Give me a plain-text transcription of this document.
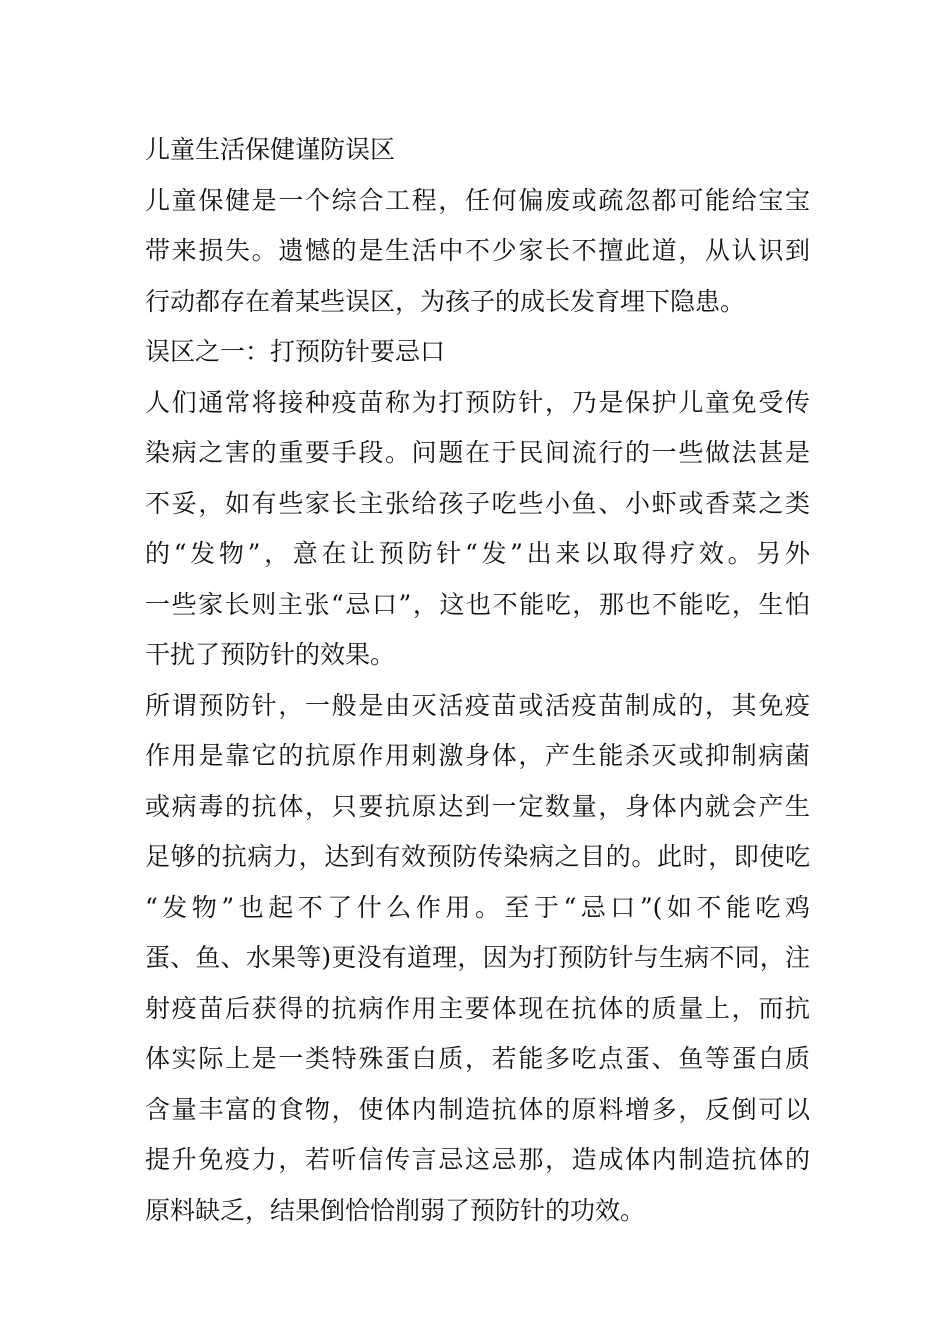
儿童生活保健谨防误区
儿童保健是一个综合工程，任何偏废或疏忽都可能给宝宝
带来损失。遗憾的是生活中不少家长不擅此道，从认识到
行动都存在着某些误区，为孩子的成长发育埋下隐患。
误区之一：打预防针要忌口
人们通常将接种疫苗称为打预防针，乃是保护儿童免受传
染病之害的重要手段。问题在于民间流行的一些做法甚是
不妥，如有些家长主张给孩子吃些小鱼、小虾或香菜之类
的“发物”，意在让预防针“发”出来以取得疗效。另外
一些家长则主张“忌口”，这也不能吃，那也不能吃，生怕
干扰了预防针的效果。
所谓预防针，一般是由灭活疫苗或活疫苗制成的，其免疫
作用是靠它的抗原作用刺激身体，产生能杀灭或抑制病菌
或病毒的抗体，只要抗原达到一定数量，身体内就会产生
足够的抗病力，达到有效预防传染病之目的。此时，即使吃
“发物”也起不了什么作用。至于“忌口”(如不能吃鸡
蛋、鱼、水果等)更没有道理，因为打预防针与生病不同，注
射疫苗后获得的抗病作用主要体现在抗体的质量上，而抗
体实际上是一类特殊蛋白质，若能多吃点蛋、鱼等蛋白质
含量丰富的食物，使体内制造抗体的原料增多，反倒可以
提升免疫力，若听信传言忌这忌那，造成体内制造抗体的
原料缺乏，结果倒恰恰削弱了预防针的功效。
